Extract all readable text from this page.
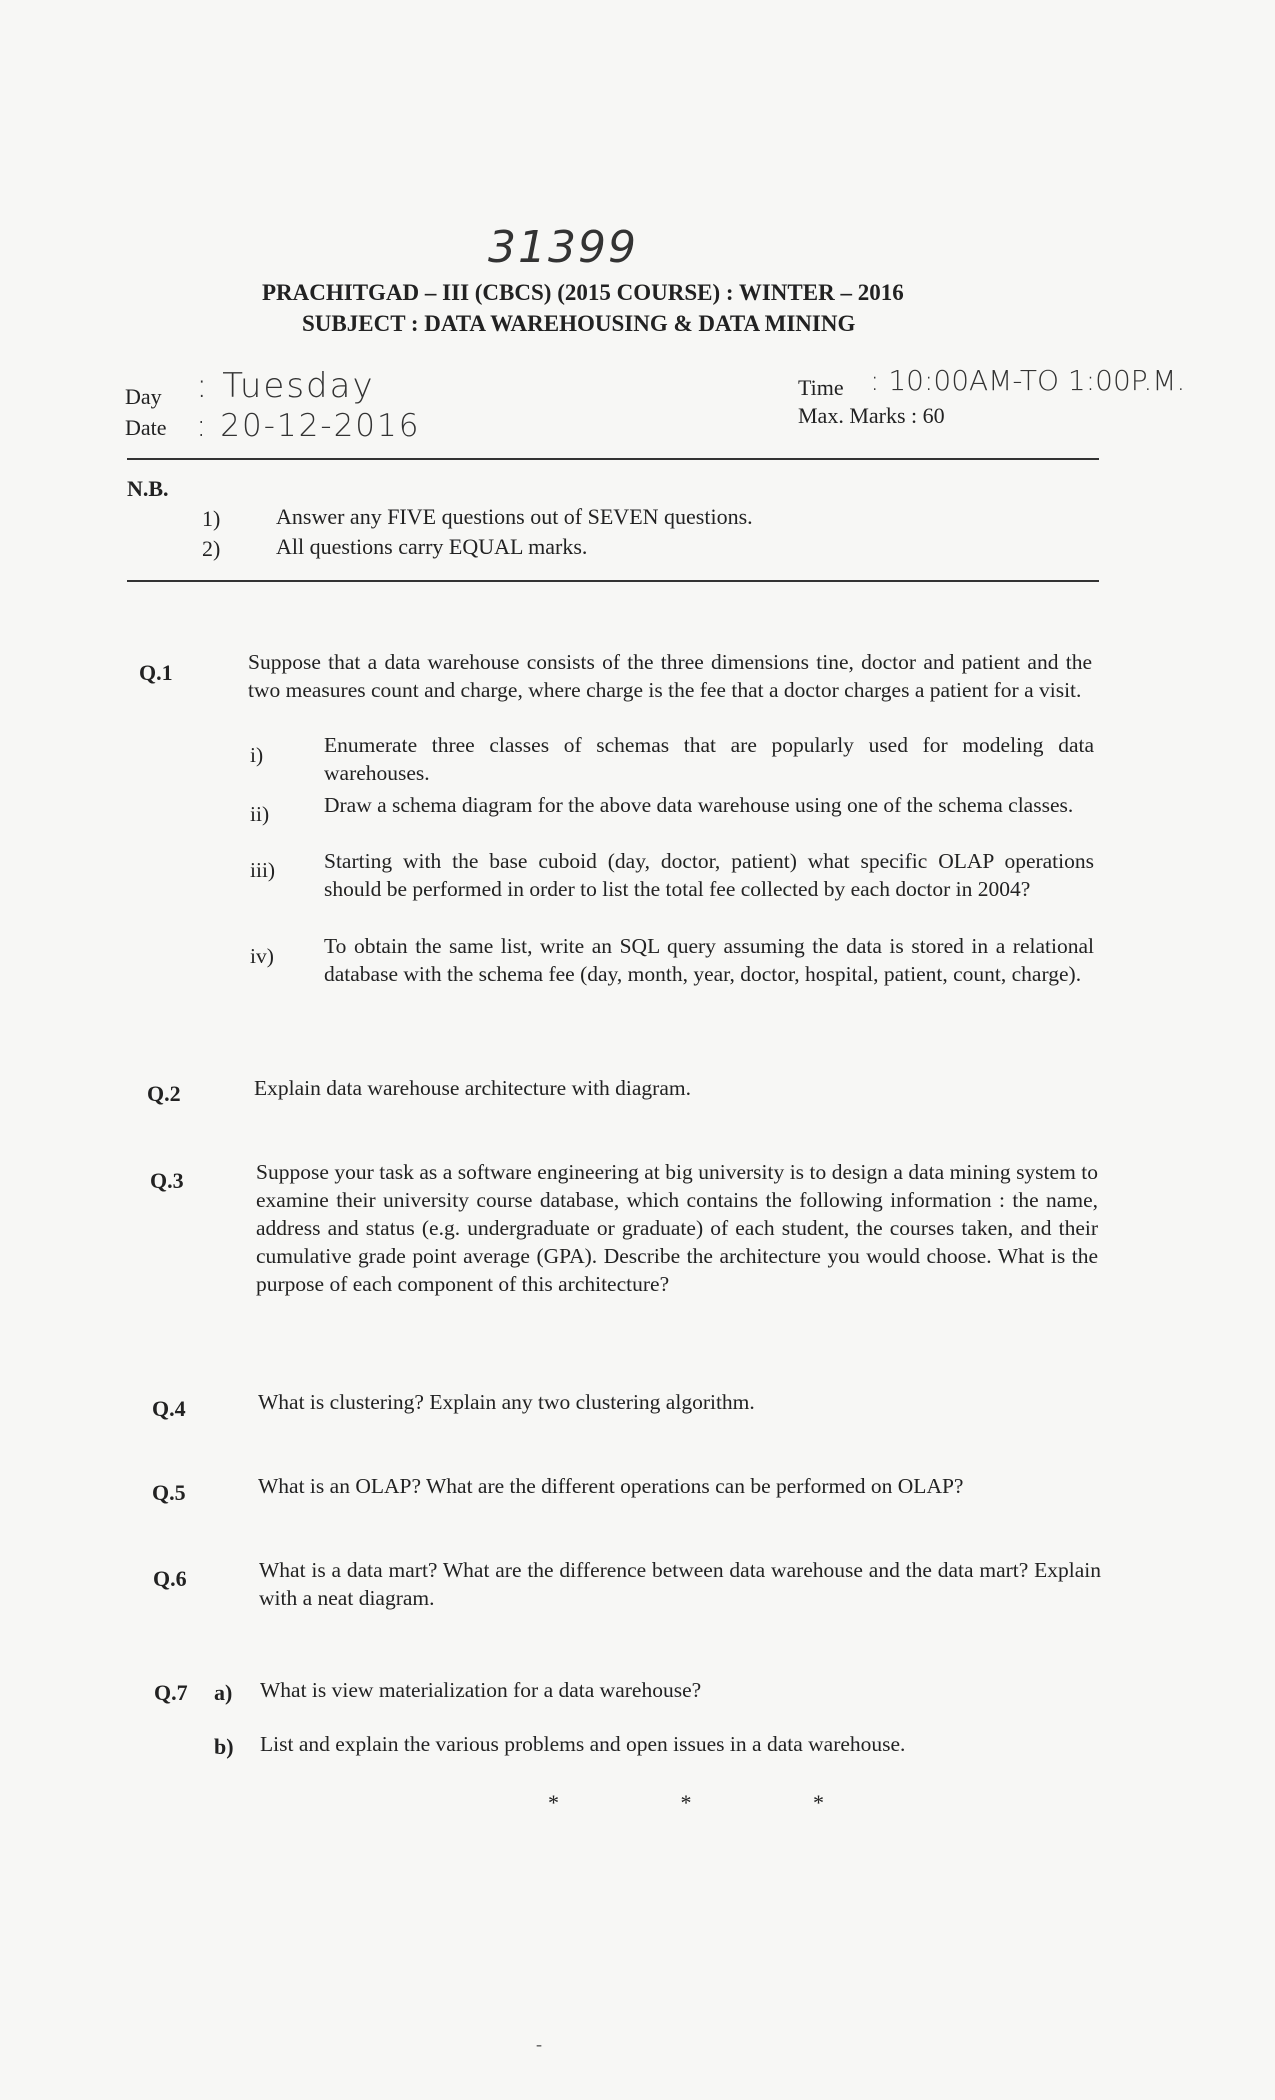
31399
PRACHITGAD – III (CBCS) (2015 COURSE) : WINTER – 2016
SUBJECT : DATA WAREHOUSING & DATA MINING
Day : Tuesday
Date : 20-12-2016
Time : 10:00AM-TO 1:00P.M.
Max. Marks : 60
N.B.
1)	Answer any FIVE questions out of SEVEN questions.
2)	All questions carry EQUAL marks.
Q.1	Suppose that a data warehouse consists of the three dimensions tine, doctor and patient and the two measures count and charge, where charge is the fee that a doctor charges a patient for a visit.
i)	Enumerate three classes of schemas that are popularly used for modeling data warehouses.
ii)	Draw a schema diagram for the above data warehouse using one of the schema classes.
iii) Starting with the base cuboid (day, doctor, patient) what specific OLAP operations should be performed in order to list the total fee collected by each doctor in 2004?
iv) To obtain the same list, write an SQL query assuming the data is stored in a relational database with the schema fee (day, month, year, doctor, hospital, patient, count, charge).
Q.2	Explain data warehouse architecture with diagram.
Q.3	Suppose your task as a software engineering at big university is to design a data mining system to examine their university course database, which contains the following information : the name, address and status (e.g. undergraduate or graduate) of each student, the courses taken, and their cumulative grade point average (GPA). Describe the architecture you would choose. What is the purpose of each component of this architecture?
Q.4	What is clustering? Explain any two clustering algorithm.
Q.5	What is an OLAP? What are the different operations can be performed on OLAP?
Q.6	What is a data mart? What are the difference between data warehouse and the data mart? Explain with a neat diagram.
Q.7 a) What is view materialization for a data warehouse?
b) List and explain the various problems and open issues in a data warehouse.
* * *
-
